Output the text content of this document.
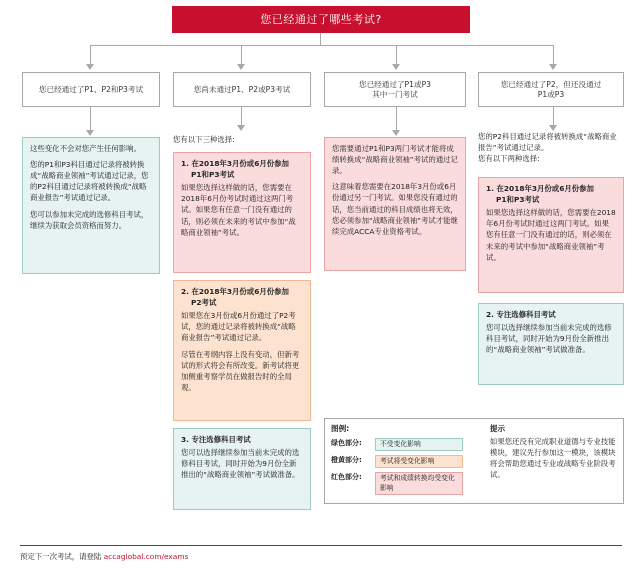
您已经通过了哪些考试?
您已经通过了P1、P2和P3考试	您尚未通过P1、P2或P3考试
您已经通过了P1或P3
其中一门考试
您已经通过了P2，但还没通过
P1或P3

这些变化不会对您产生任何影响。

您的P1和P3科目通过记录将被转换成“战略商业领袖”考试通过记录，您的P2科目通过记录将被转换成“战略商业报告”考试通过记录。

您可以参加未完成的选修科目考试，继续为获取会员资格而努力。

您有以下三种选择:
1. 在2018年3月份或6月份参加
P1和P3考试

如果您选择这样做的话，您需要在2018年6月份考试时通过这两门考试。如果您有任意一门没有通过的话，则必须在未来的考试中参加“战略商业领袖”考试。

2. 在2018年3月份或6月份参加
P2考试

如果您在3月份或6月份通过了P2考试，您的通过记录将被转换成“战略商业报告”考试通过记录。

尽管在考纲内容上没有变动，但新考试的形式将会有所改变。新考试将更加侧重考察学员在做报告时的全局观。

3. 专注选修科目考试

您可以选择继续参加当前未完成的选修科目考试，同时开始为9月份全新推出的“战略商业领袖”考试做准备。

您需要通过P1和P3两门考试才能将成绩转换成“战略商业领袖”考试的通过记录。

这意味着您需要在2018年3月份或6月份通过另一门考试。如果您没有通过的话，您当前通过的科目成绩也将无效，您必须参加“战略商业领袖”考试才能继续完成ACCA专业资格考试。

您的P2科目通过记录将被转换成“战略商业报告”考试通过记录。
您有以下两种选择:
1. 在2018年3月份或6月份参加
P1和P3考试

如果您选择这样做的话，您需要在2018年6月份考试时通过这两门考试。如果您有任意一门没有通过的话，则必须在未来的考试中参加“战略商业领袖”考试。

2. 专注选修科目考试

您可以选择继续参加当前未完成的选修科目考试，同时开始为9月份全新推出的“战略商业领袖”考试做准备。

图例:
绿色部分:	不受变化影响
橙黄部分:	考试将受变化影响
红色部分:	考试和成绩转换均受变化影响
提示
如果您还没有完成职业道德与专业技能模块，建议先行参加这一模块，该模块将会帮助您通过专业或战略专业阶段考试。
预定下一次考试，请登陆 accaglobal.com/exams
